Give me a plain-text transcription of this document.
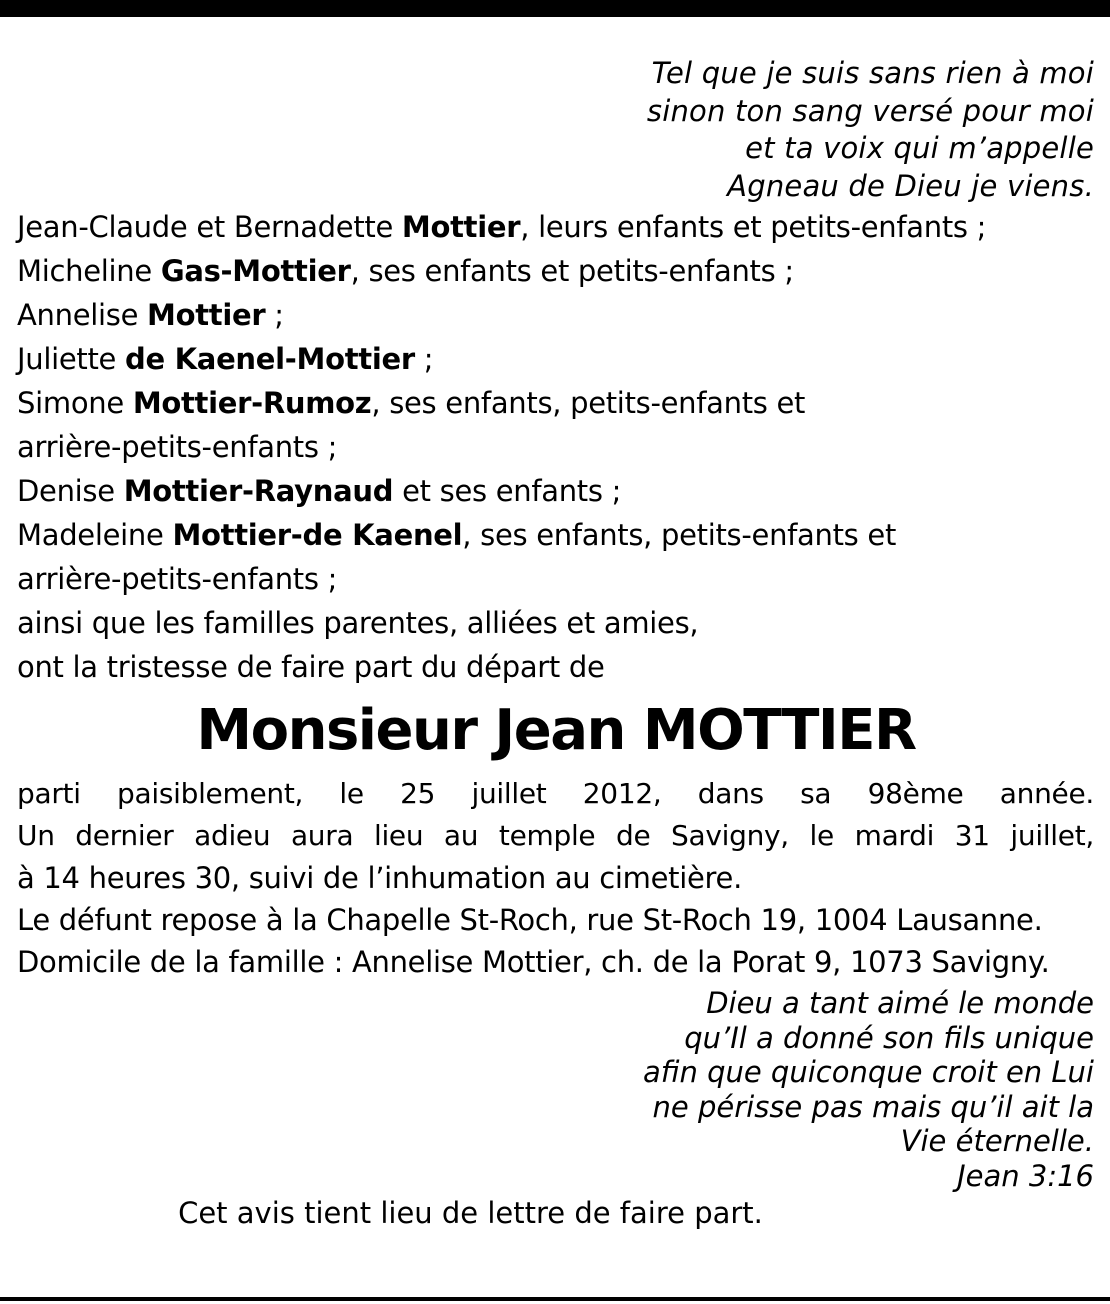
Tel que je suis sans rien à moi
sinon ton sang versé pour moi
et ta voix qui m’appelle
Agneau de Dieu je viens.
Jean-Claude et Bernadette Mottier, leurs enfants et petits-enfants ;
Micheline Gas-Mottier, ses enfants et petits-enfants ;
Annelise Mottier ;
Juliette de Kaenel-Mottier ;
Simone Mottier-Rumoz, ses enfants, petits-enfants et
arrière-petits-enfants ;
Denise Mottier-Raynaud et ses enfants ;
Madeleine Mottier-de Kaenel, ses enfants, petits-enfants et
arrière-petits-enfants ;
ainsi que les familles parentes, alliées et amies,
ont la tristesse de faire part du départ de
Monsieur Jean MOTTIER
parti paisiblement, le 25 juillet 2012, dans sa 98ème année.
Un dernier adieu aura lieu au temple de Savigny, le mardi 31 juillet,
à 14 heures 30, suivi de l’inhumation au cimetière.
Le défunt repose à la Chapelle St-Roch, rue St-Roch 19, 1004 Lausanne.
Domicile de la famille : Annelise Mottier, ch. de la Porat 9, 1073 Savigny.
Dieu a tant aimé le monde
qu’Il a donné son fils unique
afin que quiconque croit en Lui
ne périsse pas mais qu’il ait la
Vie éternelle.
Jean 3:16
Cet avis tient lieu de lettre de faire part.
